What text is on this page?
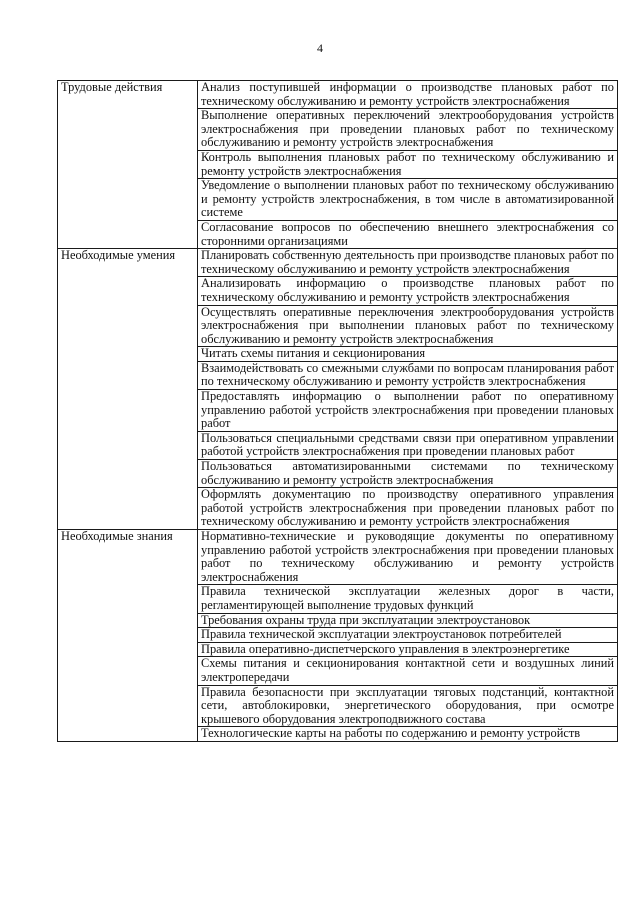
4
Трудовые действия	Анализ поступившей информации о производстве плановых работ по техническому обслуживанию и ремонту устройств электроснабжения
	Выполнение оперативных переключений электрооборудования устройств электроснабжения при проведении плановых работ по техническому обслуживанию и ремонту устройств электроснабжения
	Контроль выполнения плановых работ по техническому обслуживанию и ремонту устройств электроснабжения
	Уведомление о выполнении плановых работ по техническому обслуживанию и ремонту устройств электроснабжения, в том числе в автоматизированной системе
	Согласование вопросов по обеспечению внешнего электроснабжения со сторонними организациями
Необходимые умения	Планировать собственную деятельность при производстве плановых работ по техническому обслуживанию и ремонту устройств электроснабжения
	Анализировать информацию о производстве плановых работ по техническому обслуживанию и ремонту устройств электроснабжения
	Осуществлять оперативные переключения электрооборудования устройств электроснабжения при выполнении плановых работ по техническому обслуживанию и ремонту устройств электроснабжения
	Читать схемы питания и секционирования
	Взаимодействовать со смежными службами по вопросам планирования работ по техническому обслуживанию и ремонту устройств электроснабжения
	Предоставлять информацию о выполнении работ по оперативному управлению работой устройств электроснабжения при проведении плановых работ
	Пользоваться специальными средствами связи при оперативном управлении работой устройств электроснабжения при проведении плановых работ
	Пользоваться автоматизированными системами по техническому обслуживанию и ремонту устройств электроснабжения
	Оформлять документацию по производству оперативного управления работой устройств электроснабжения при проведении плановых работ по техническому обслуживанию и ремонту устройств электроснабжения
Необходимые знания	Нормативно-технические и руководящие документы по оперативному управлению работой устройств электроснабжения при проведении плановых работ по техническому обслуживанию и ремонту устройств электроснабжения
	Правила технической эксплуатации железных дорог в части, регламентирующей выполнение трудовых функций
	Требования охраны труда при эксплуатации электроустановок
	Правила технической эксплуатации электроустановок потребителей
	Правила оперативно-диспетчерского управления в электроэнергетике
	Схемы питания и секционирования контактной сети и воздушных линий электропередачи
	Правила безопасности при эксплуатации тяговых подстанций, контактной сети, автоблокировки, энергетического оборудования, при осмотре крышевого оборудования электроподвижного состава
	Технологические карты на работы по содержанию и ремонту устройств
